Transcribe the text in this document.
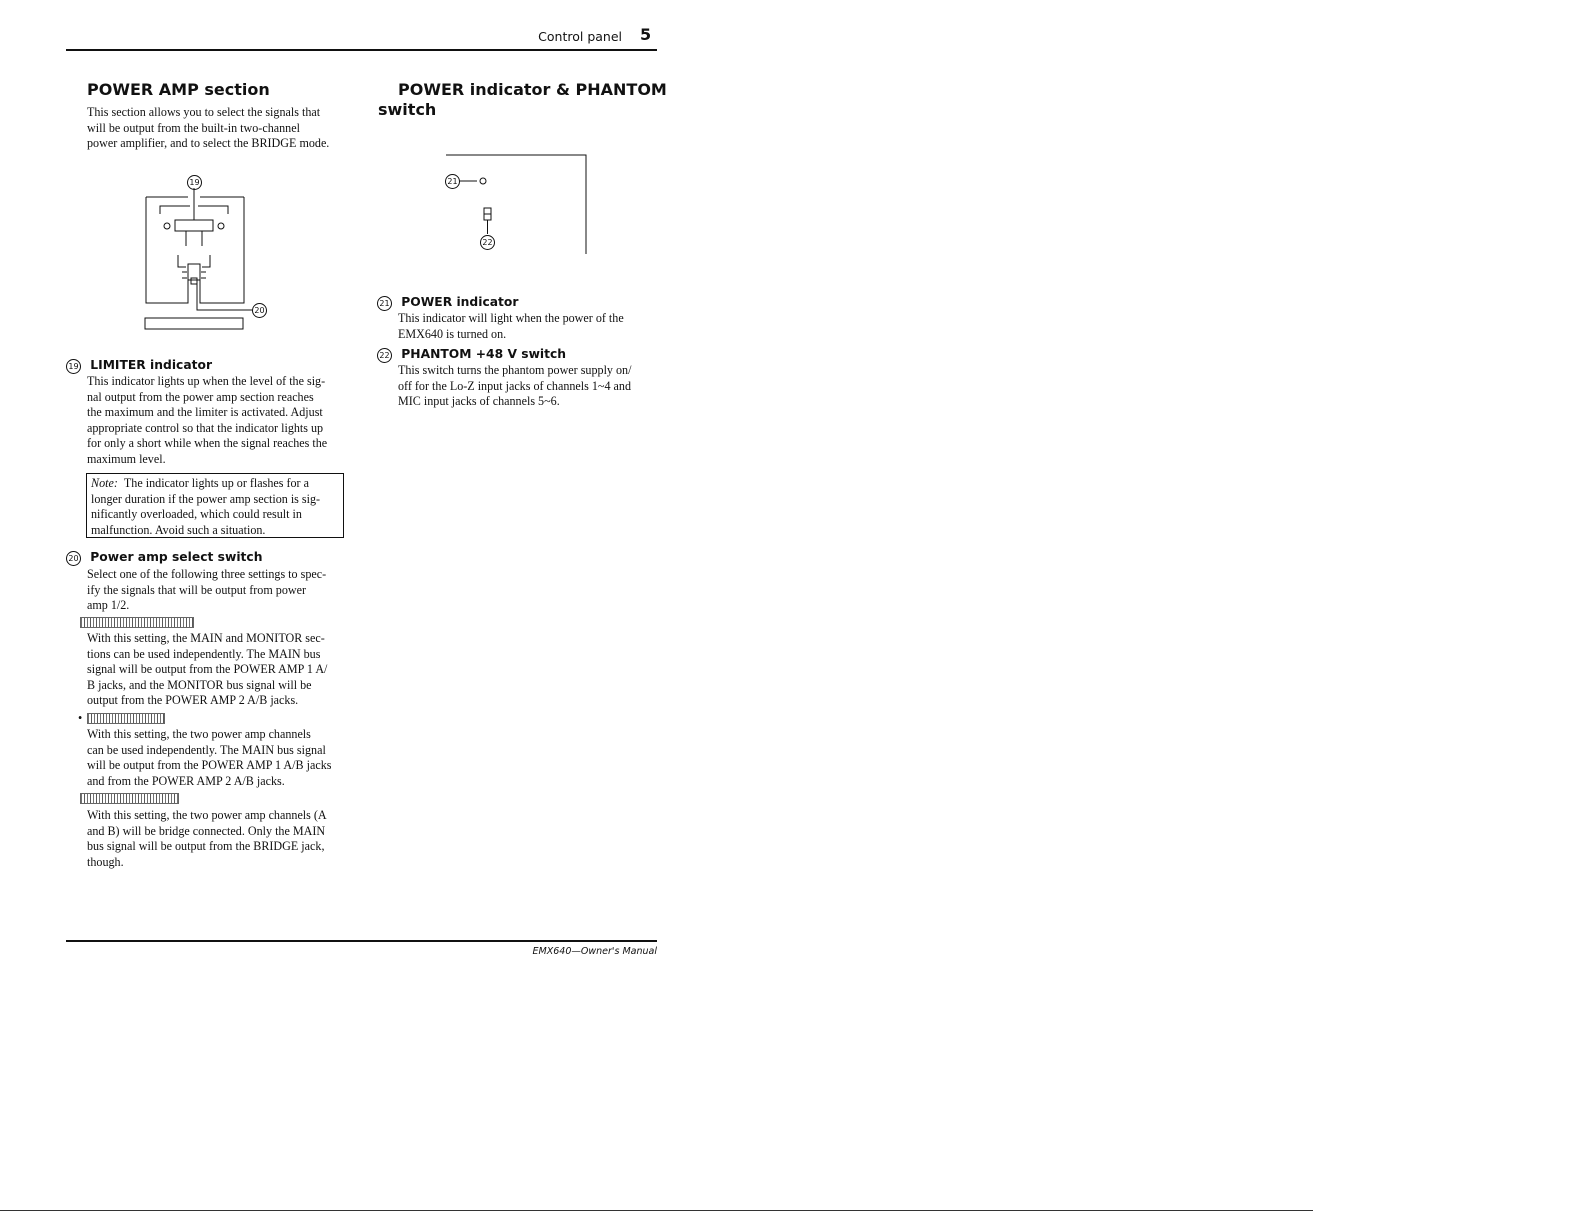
Control panel 5
POWER AMP section

This section allows you to select the signals that

will be output from the built-in two-channel

power amplifier, and to select the BRIDGE mode.

19
20
19 LIMITER indicator

This indicator lights up when the level of the sig-

nal output from the power amp section reaches

the maximum and the limiter is activated. Adjust

appropriate control so that the indicator lights up

for only a short while when the signal reaches the

maximum level.

Note: The indicator lights up or flashes for a

longer duration if the power amp section is sig-

nificantly overloaded, which could result in

malfunction. Avoid such a situation.

20 Power amp select switch

Select one of the following three settings to spec-

ify the signals that will be output from power

amp 1/2.

With this setting, the MAIN and MONITOR sec-

tions can be used independently. The MAIN bus

signal will be output from the POWER AMP 1 A/

B jacks, and the MONITOR bus signal will be

output from the POWER AMP 2 A/B jacks.

•

With this setting, the two power amp channels

can be used independently. The MAIN bus signal

will be output from the POWER AMP 1 A/B jacks

and from the POWER AMP 2 A/B jacks.

With this setting, the two power amp channels (A

and B) will be bridge connected. Only the MAIN

bus signal will be output from the BRIDGE jack,

though.

POWER indicator & PHANTOM
switch
21
22
21 POWER indicator

This indicator will light when the power of the

EMX640 is turned on.

22 PHANTOM +48 V switch

This switch turns the phantom power supply on/

off for the Lo-Z input jacks of channels 1~4 and

MIC input jacks of channels 5~6.

EMX640—Owner's Manual
